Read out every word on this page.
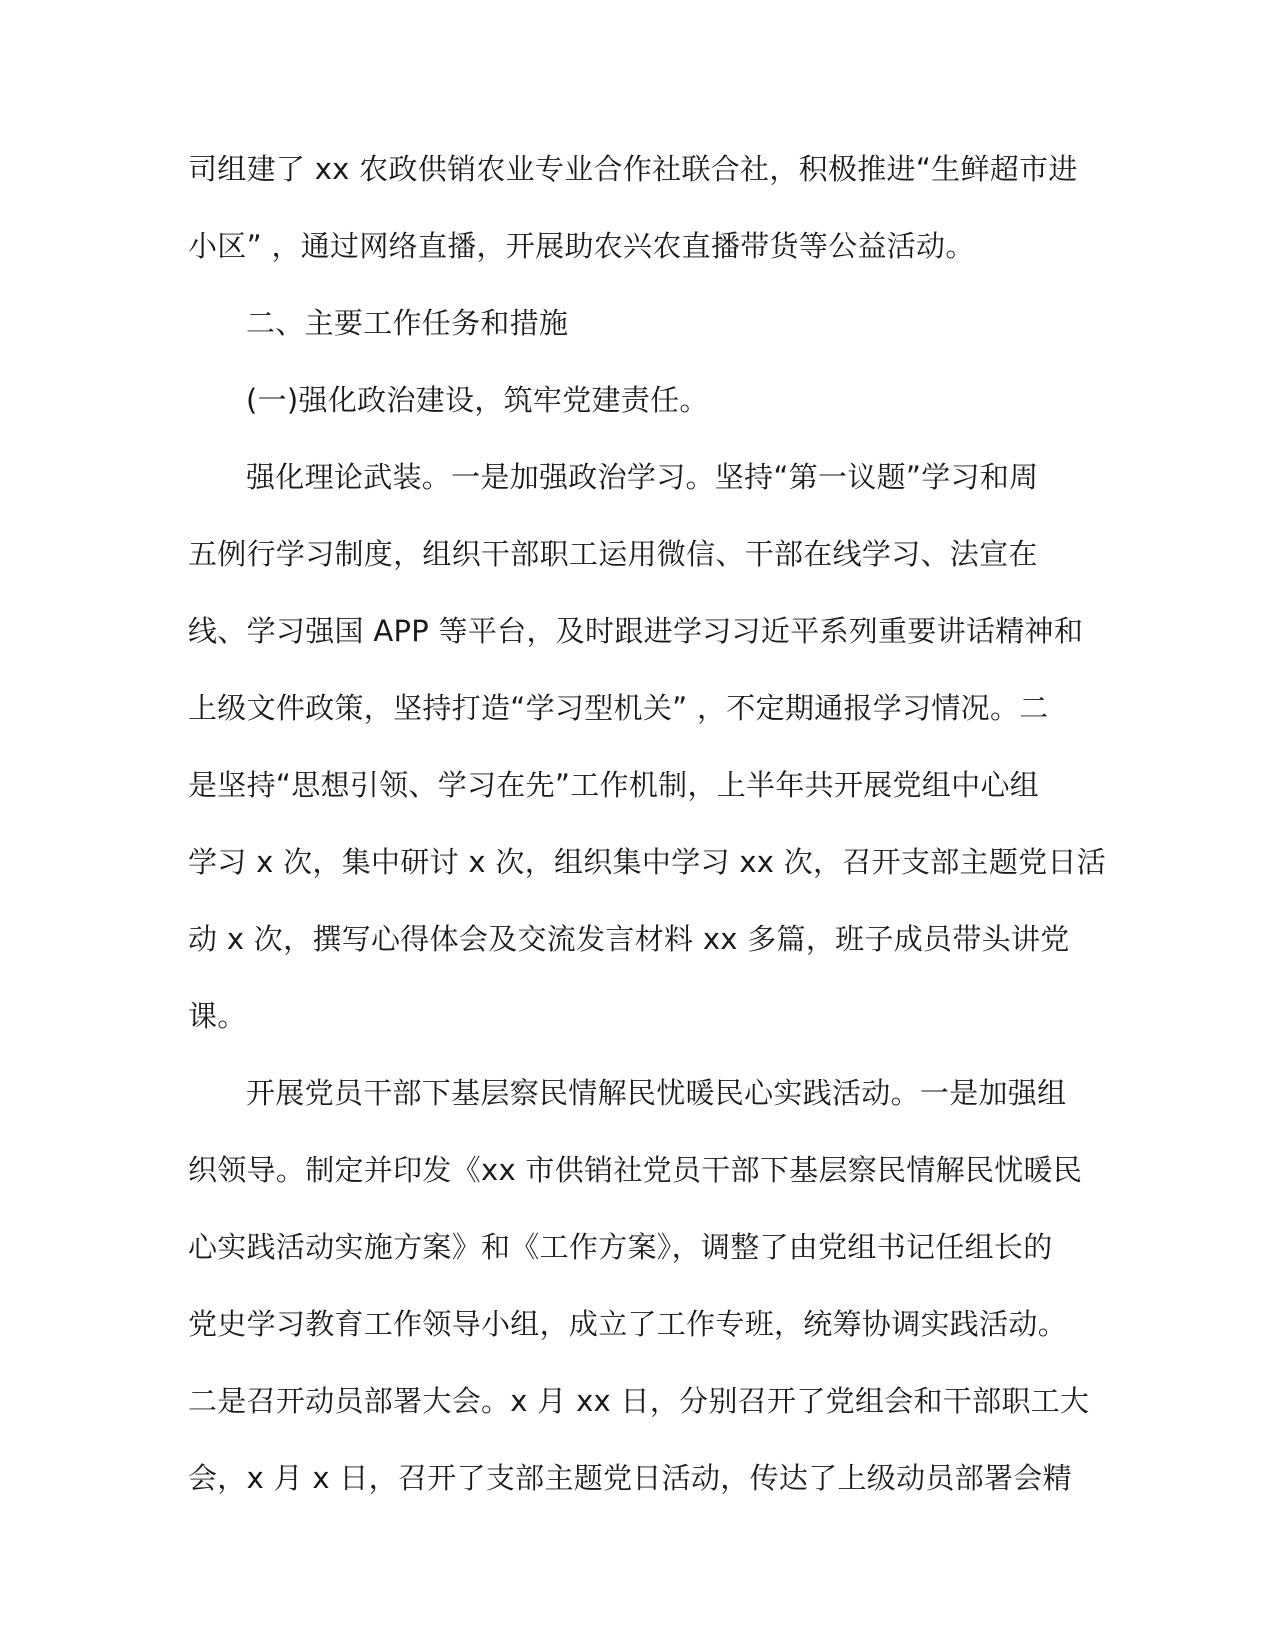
司组建了 xx 农政供销农业专业合作社联合社，积极推进“生鲜超市进
小区” ，通过网络直播，开展助农兴农直播带货等公益活动。
二、主要工作任务和措施
(一)强化政治建设，筑牢党建责任。
强化理论武装。一是加强政治学习。坚持“第一议题”学习和周
五例行学习制度，组织干部职工运用微信、干部在线学习、法宣在
线、学习强国 APP 等平台，及时跟进学习习近平系列重要讲话精神和
上级文件政策，坚持打造“学习型机关” ，不定期通报学习情况。二
是坚持“思想引领、学习在先”工作机制，上半年共开展党组中心组
学习 x 次，集中研讨 x 次，组织集中学习 xx 次，召开支部主题党日活
动 x 次，撰写心得体会及交流发言材料 xx 多篇，班子成员带头讲党
课。
开展党员干部下基层察民情解民忧暖民心实践活动。一是加强组
织领导。制定并印发《xx 市供销社党员干部下基层察民情解民忧暖民
心实践活动实施方案》和《工作方案》，调整了由党组书记任组长的
党史学习教育工作领导小组，成立了工作专班，统筹协调实践活动。
二是召开动员部署大会。x 月 xx 日，分别召开了党组会和干部职工大
会，x 月 x 日，召开了支部主题党日活动，传达了上级动员部署会精
